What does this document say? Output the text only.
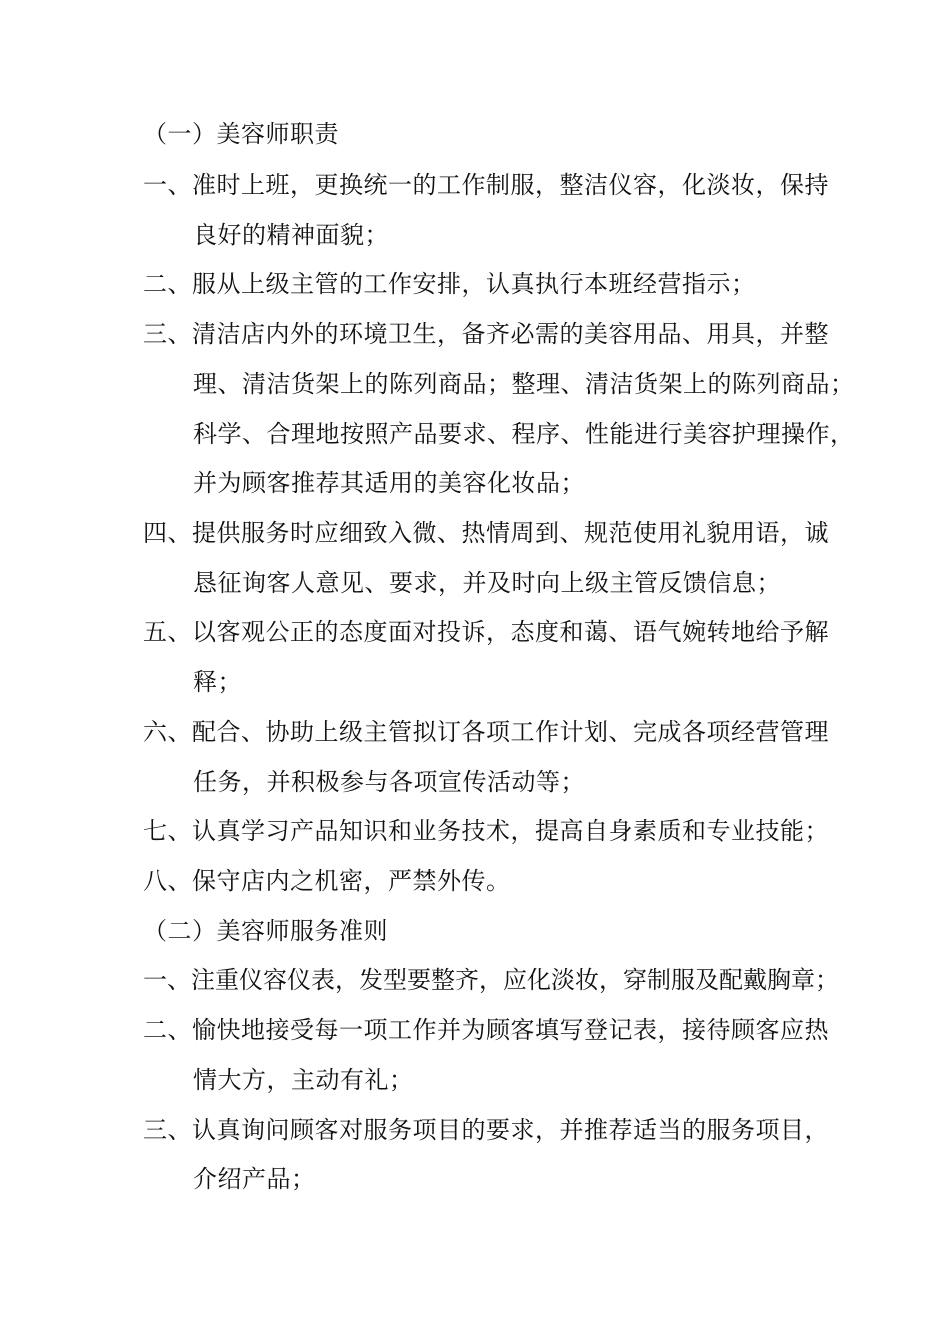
（一）美容师职责
一、准时上班，更换统一的工作制服，整洁仪容，化淡妆，保持
良好的精神面貌；
二、服从上级主管的工作安排，认真执行本班经营指示；
三、清洁店内外的环境卫生，备齐必需的美容用品、用具，并整
理、清洁货架上的陈列商品；整理、清洁货架上的陈列商品；
科学、合理地按照产品要求、程序、性能进行美容护理操作，
并为顾客推荐其适用的美容化妆品；
四、提供服务时应细致入微、热情周到、规范使用礼貌用语，诚
恳征询客人意见、要求，并及时向上级主管反馈信息；
五、以客观公正的态度面对投诉，态度和蔼、语气婉转地给予解
释；
六、配合、协助上级主管拟订各项工作计划、完成各项经营管理
任务，并积极参与各项宣传活动等；
七、认真学习产品知识和业务技术，提高自身素质和专业技能；
八、保守店内之机密，严禁外传。
（二）美容师服务准则
一、注重仪容仪表，发型要整齐，应化淡妆，穿制服及配戴胸章；
二、愉快地接受每一项工作并为顾客填写登记表，接待顾客应热
情大方，主动有礼；
三、认真询问顾客对服务项目的要求，并推荐适当的服务项目，
介绍产品；
